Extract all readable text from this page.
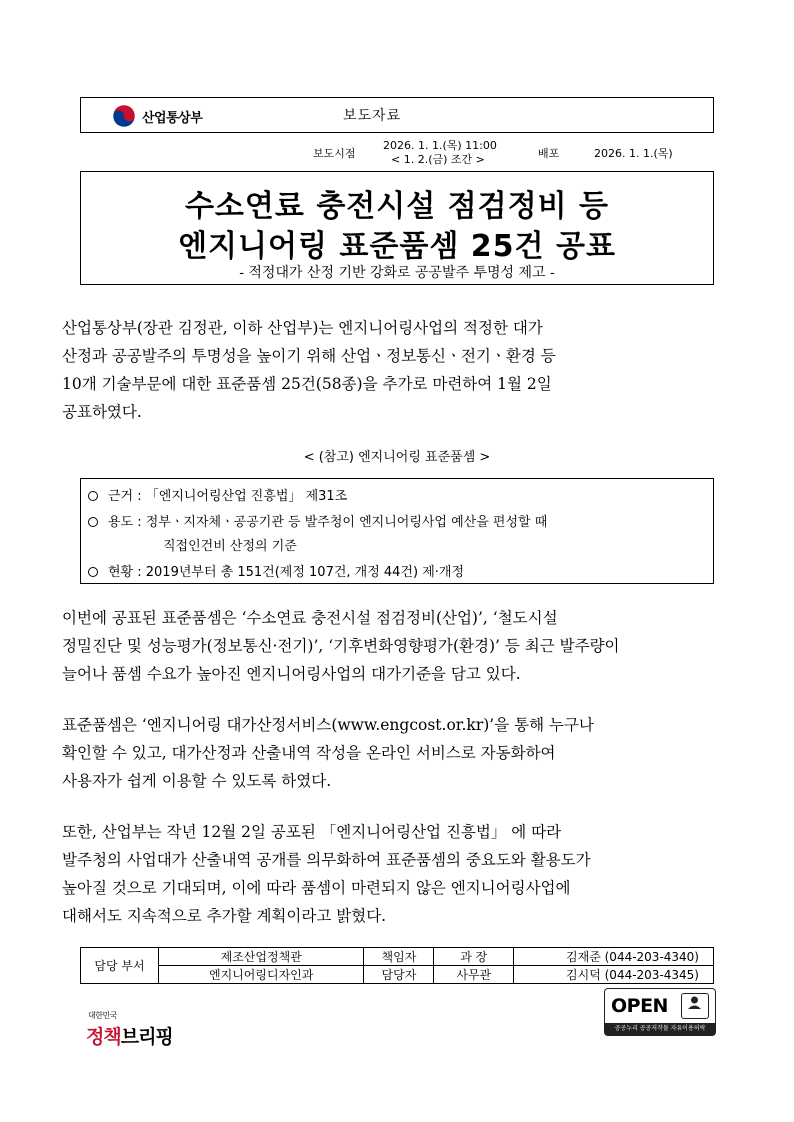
산업통상부	보도자료
보도시점
2026. 1. 1.(목) 11:00
< 1. 2.(금) 조간 >	배포	2026. 1. 1.(목)
수소연료 충전시설 점검정비 등
엔지니어링 표준품셈 25건 공표
- 적정대가 산정 기반 강화로 공공발주 투명성 제고 -
산업통상부(장관 김정관, 이하 산업부)는 엔지니어링사업의 적정한 대가
산정과 공공발주의 투명성을 높이기 위해 산업ㆍ정보통신ㆍ전기ㆍ환경 등
10개 기술부문에 대한 표준품셈 25건(58종)을 추가로 마련하여 1월 2일
공표하였다.
< (참고) 엔지니어링 표준품셈 >
근거 : 「엔지니어링산업 진흥법」 제31조
용도 : 정부ㆍ지자체ㆍ공공기관 등 발주청이 엔지니어링사업 예산을 편성할 때
직접인건비 산정의 기준
현황 : 2019년부터 총 151건(제정 107건, 개정 44건) 제·개정
이번에 공표된 표준품셈은 ‘수소연료 충전시설 점검정비(산업)’, ‘철도시설
정밀진단 및 성능평가(정보통신·전기)’, ‘기후변화영향평가(환경)’ 등 최근 발주량이
늘어나 품셈 수요가 높아진 엔지니어링사업의 대가기준을 담고 있다.
표준품셈은 ‘엔지니어링 대가산정서비스(www.engcost.or.kr)’을 통해 누구나
확인할 수 있고, 대가산정과 산출내역 작성을 온라인 서비스로 자동화하여
사용자가 쉽게 이용할 수 있도록 하였다.
또한, 산업부는 작년 12월 2일 공포된 「엔지니어링산업 진흥법」 에 따라
발주청의 사업대가 산출내역 공개를 의무화하여 표준품셈의 중요도와 활용도가
높아질 것으로 기대되며, 이에 따라 품셈이 마련되지 않은 엔지니어링사업에
대해서도 지속적으로 추가할 계획이라고 밝혔다.
담당 부서	제조산업정책관	책임자	과 장	김재준 (044-203-4340)
	엔지니어링디자인과	담당자	사무관	김시덕 (044-203-4345)
대한민국
정책브리핑
OPEN
공공누리 공공저작물 자유이용허락
